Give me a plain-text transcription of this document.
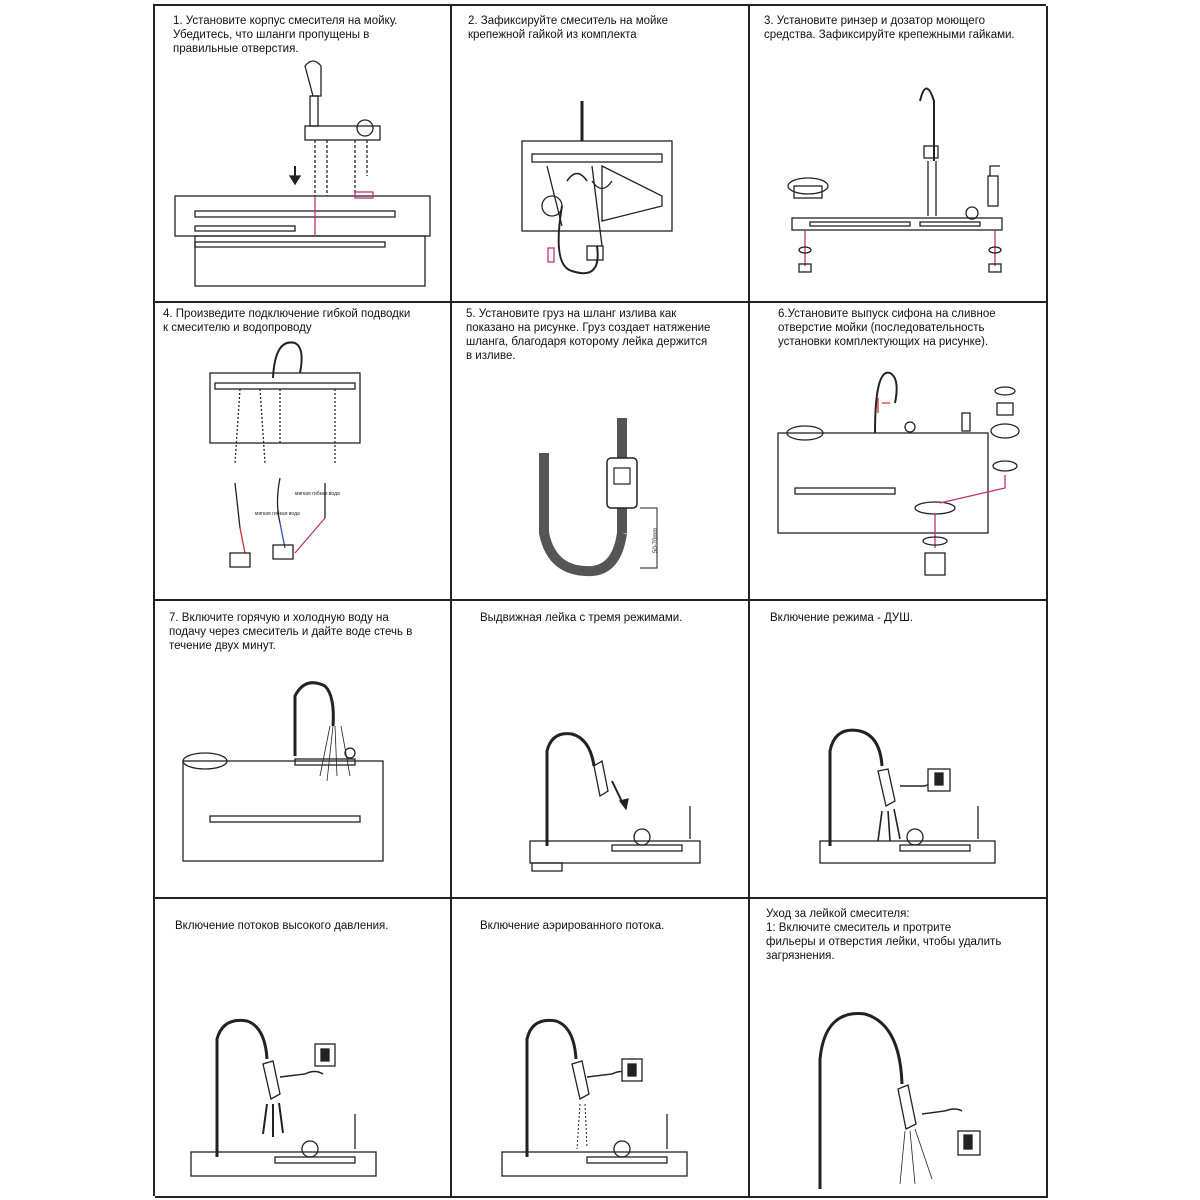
1. Установите корпус смесителя на мойку.
Убедитесь, что шланги пропущены в
правильные отверстия.
2. Зафиксируйте смеситель на мойке
крепежной гайкой из комплекта
3. Установите ринзер и дозатор моющего
средства. Зафиксируйте крепежными гайками.
4. Произведите подключение гибкой подводки
к смесителю и водопроводу
мягкая гибкая вода
мягкая гибкая вода
5. Установите груз на шланг излива как
показано на рисунке. Груз создает натяжение
шланга, благодаря которому лейка держится
в изливе.
50-70mm
6.Установите выпуск сифона на сливное
отверстие мойки (последовательность
установки комплектующих на рисунке).
7. Включите горячую и холодную воду на
подачу через смеситель и дайте воде стечь в
течение двух минут.
Выдвижная лейка с тремя режимами.	Включение режима - ДУШ.
Включение потоков высокого давления.	Включение аэрированного потока.
Уход за лейкой смесителя:
1: Включите смеситель и протрите
фильеры и отверстия лейки, чтобы удалить
загрязнения.
